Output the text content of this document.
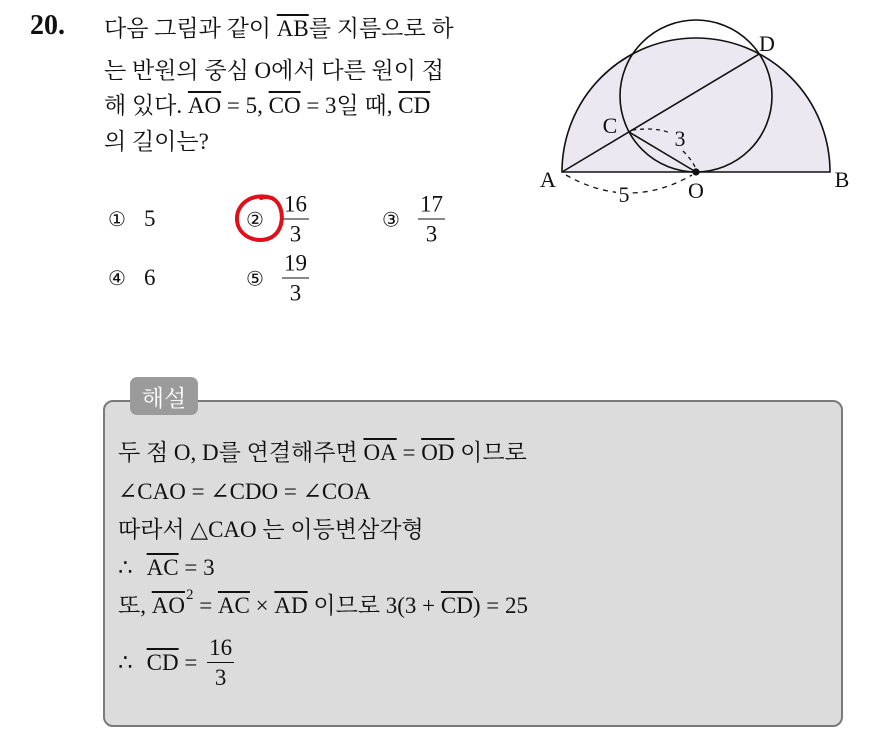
20. 다음 그림과 같이 $\overline{AB}$를 지름으로 하
는 반원의 중심 O에서 다른 원이 접
해 있다. $\overline{AO} = 5$, $\overline{CO} = 3$일 때, $\overline{CD}$
의 길이는?
① 5	② $\frac{16}{3}$	③ $\frac{17}{3}$
④ 6	⑤ $\frac{19}{3}$
A	B
O
C
D
3
5
해설
두 점 O, D를 연결해주면 $\overline{OA} = \overline{OD}$ 이므로
∠CAO = ∠CDO = ∠COA
따라서 △CAO 는 이등변삼각형
∴ $\overline{AC} = 3$
또, $\overline{AO}$ $2 = \overline{AC} \times \overline{AD}$ 이므로 $3(3 + \overline{CD}$ ) = 25
∴ $\overline{CD} = \frac{16}{3}$
